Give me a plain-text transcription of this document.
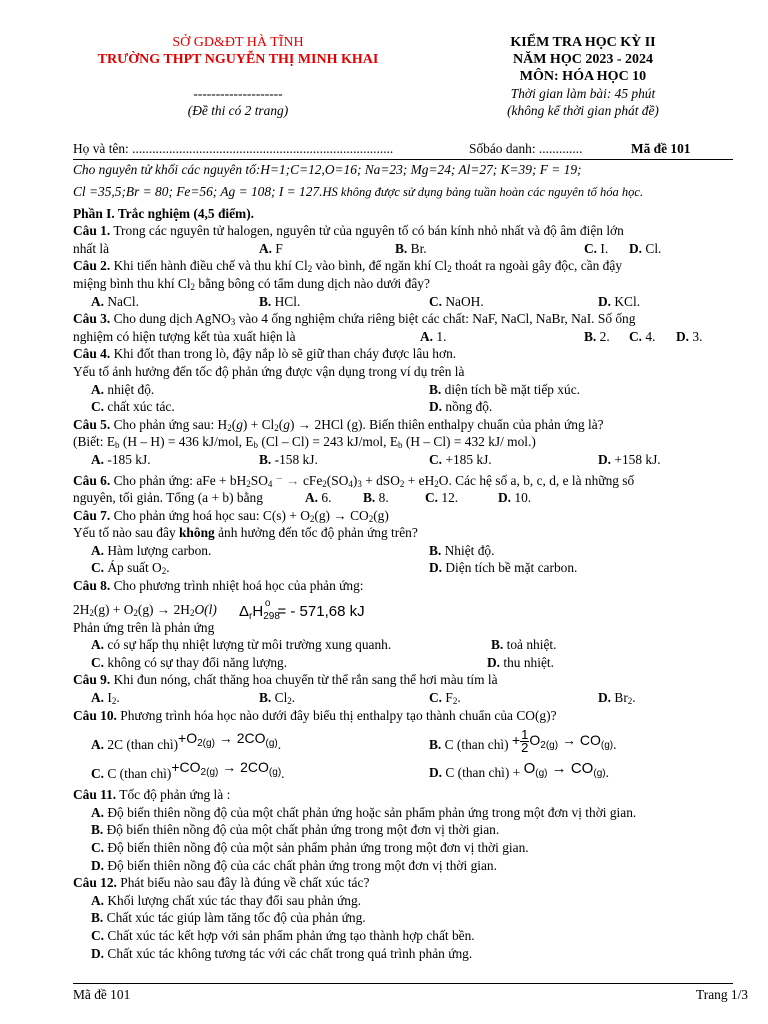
SỞ GD&ĐT HÀ TĨNH
TRƯỜNG THPT NGUYỄN THỊ MINH KHAI
--------------------
(Đề thi có 2 trang)
KIỂM TRA HỌC KỲ II
NĂM HỌC 2023 - 2024
MÔN: HÓA HỌC 10
Thời gian làm bài: 45 phút
(không kể thời gian phát đề)
Họ và tên: ..............................................................................	Sốbáo danh: .............	Mã đề 101
Cho nguyên tử khối các nguyên tố:H=1;C=12,O=16; Na=23; Mg=24; Al=27; K=39; F = 19;
Cl =35,5;Br = 80; Fe=56; Ag = 108; I = 127.HS không được sử dụng bảng tuần hoàn các nguyên tố hóa học.
Phần I. Trắc nghiệm (4,5 điểm).
Câu 1. Trong các nguyên tử halogen, nguyên tử của nguyên tố có bán kính nhỏ nhất và độ âm điện lớn
nhất là	A. F	B. Br.	C. I. D. Cl.
Câu 2. Khi tiến hành điều chế và thu khí $Cl_2$ vào bình, để ngăn khí $Cl_2$ thoát ra ngoài gây độc, cần đậy
miệng bình thu khí $Cl_2$ bằng bông có tẩm dung dịch nào dưới đây?
A. NaCl.	B. HCl.	C. NaOH.	D. KCl.
Câu 3. Cho dung dịch AgNO$_3$ vào 4 ống nghiệm chứa riêng biệt các chất: NaF, NaCl, NaBr, NaI. Số ống
nghiệm có hiện tượng kết tủa xuất hiện là	A. 1.	B. 2. C. 4. D. 3.
Câu 4. Khi đốt than trong lò, đậy nắp lò sẽ giữ than cháy được lâu hơn.
Yếu tố ảnh hưởng đến tốc độ phản ứng được vận dụng trong ví dụ trên là
A. nhiệt độ.	B. diện tích bề mặt tiếp xúc.
C. chất xúc tác.	D. nồng độ.
Câu 5. Cho phản ứng sau: $H_2(g) + Cl_2(g) \to 2HCl$ (g). Biến thiên enthalpy chuẩn của phản ứng là?
(Biết: $E_b$ (H – H) = 436 kJ/mol, $E_b$ (Cl – Cl) = 243 kJ/mol, $E_b$ (H – Cl) = 432 kJ/ mol.)
A. -185 kJ.	B. -158 kJ.	C. +185 kJ.	D. +158 kJ.
Câu 6. Cho phản ứng: aFe + $bH_2SO_4$ ⁻ → $cFe_2(SO_4)_3 + dSO_2 + eH_2O$. Các hệ số a, b, c, d, e là những số
nguyên, tối giản. Tổng (a + b) bằng	A. 6. B. 8.	C. 12.	D. 10.
Câu 7. Cho phản ứng hoá học sau: $C(s) + O_2(g) \to CO_2(g)$
Yếu tố nào sau đây không ảnh hưởng đến tốc độ phản ứng trên?
A. Hàm lượng carbon.	B. Nhiệt độ.
C. Áp suất $O_2$.	D. Diện tích bề mặt carbon.
Câu 8. Cho phương trình nhiệt hoá học của phản ứng:
$2H_2(g) + O_2(g) \to 2H_2O(l) \Delta_rH_{298}^o$ = - 571,68 kJ
Phản ứng trên là phản ứng
A. có sự hấp thụ nhiệt lượng từ môi trường xung quanh.	B. toả nhiệt.
C. không có sự thay đổi năng lượng.	D. thu nhiệt.
Câu 9. Khi đun nóng, chất thăng hoa chuyển từ thể rắn sang thể hơi màu tím là
A. $I_2$.	B. $Cl_2$.	C. $F_2$.	D. $Br_2$.
Câu 10. Phương trình hóa học nào dưới đây biểu thị enthalpy tạo thành chuẩn của CO(g)?
A. 2C (than $chì)+O_{2(g)} \to 2CO_{(g)}$.	B. C (than chì) + $\frac{1}{2} O_{2(g)} \to CO_{(g)}$.
C. C (than $chì)+CO_{2(g)} \to 2CO_{(g)}$.	D. C (than chì) + $O_{(g)} \to CO_{(g)}$.
Câu 11. Tốc độ phản ứng là :
A. Độ biến thiên nồng độ của một chất phản ứng hoặc sản phẩm phản ứng trong một đơn vị thời gian.
B. Độ biến thiên nồng độ của một chất phản ứng trong một đơn vị thời gian.
C. Độ biến thiên nồng độ của một sản phẩm phản ứng trong một đơn vị thời gian.
D. Độ biến thiên nồng độ của các chất phản ứng trong một đơn vị thời gian.
Câu 12. Phát biểu nào sau đây là đúng về chất xúc tác?
A. Khối lượng chất xúc tác thay đổi sau phản ứng.
B. Chất xúc tác giúp làm tăng tốc độ của phản ứng.
C. Chất xúc tác kết hợp với sản phẩm phản ứng tạo thành hợp chất bền.
D. Chất xúc tác không tương tác với các chất trong quá trình phản ứng.
Mã đề 101	Trang 1/3
